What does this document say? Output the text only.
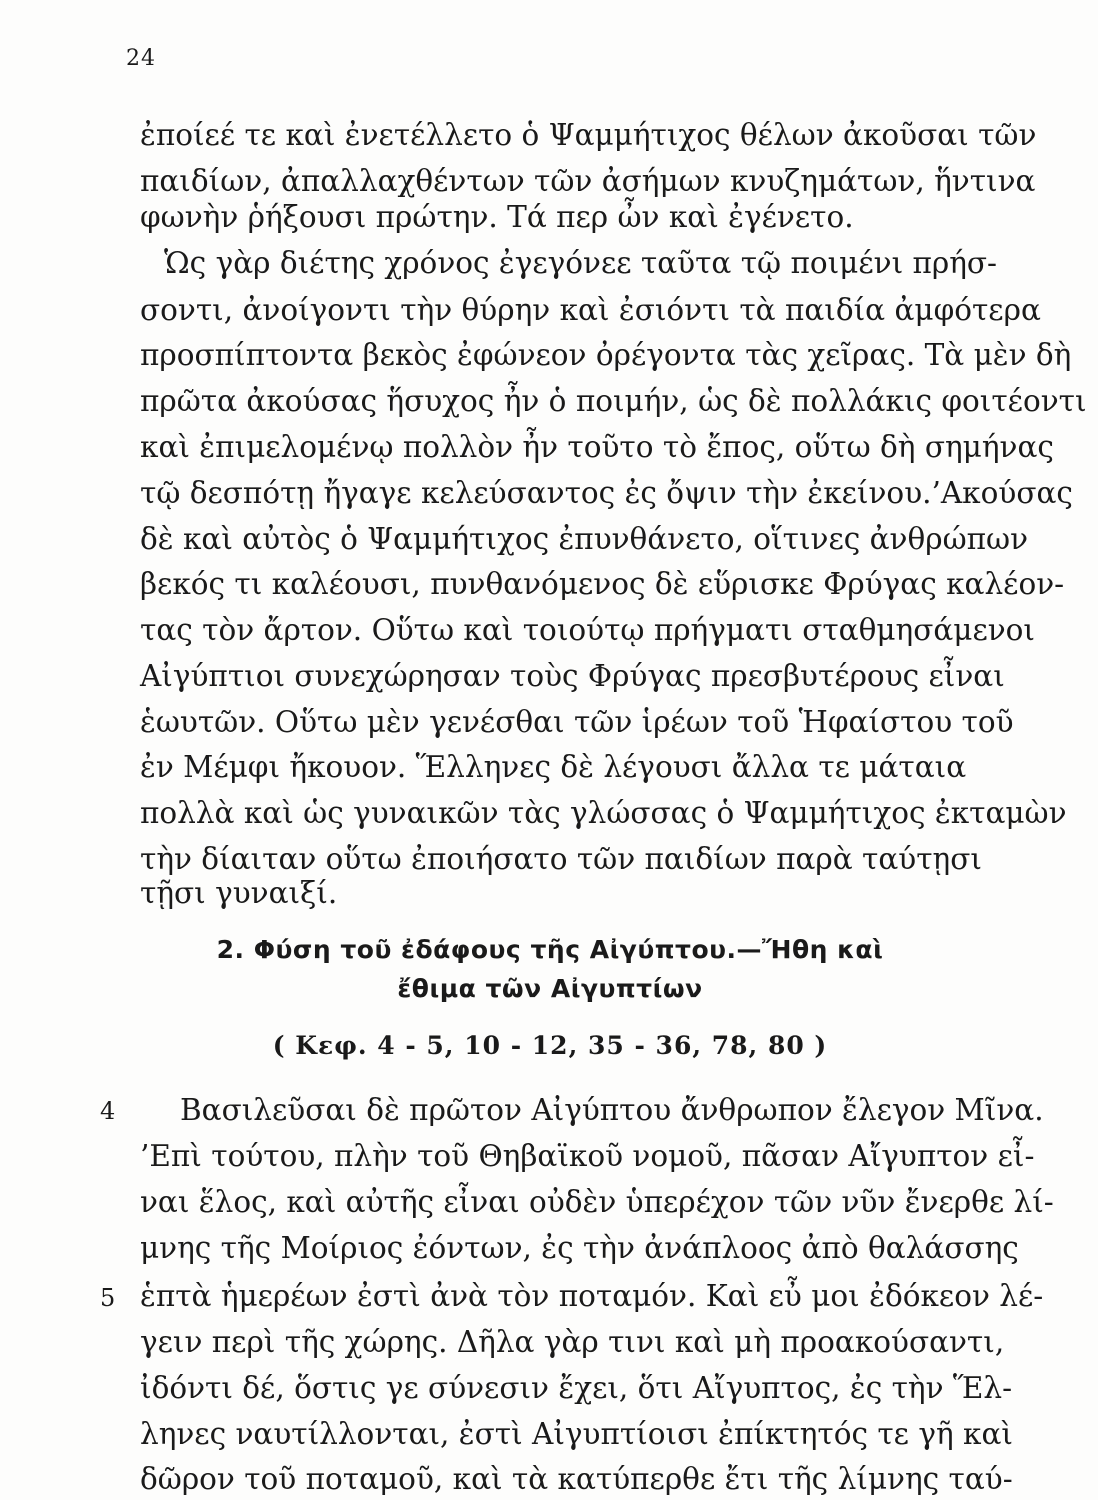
24
ἐποίεέ τε καὶ ἐνετέλλετο ὁ Ψαμμήτιχος θέλων ἀκοῦσαι τῶν
παιδίων, ἀπαλλαχθέντων τῶν ἀσήμων κνυζημάτων, ἥντινα
φωνὴν ῥήξουσι πρώτην. Τά περ ὦν καὶ ἐγένετο.
Ὡς γὰρ διέτης χρόνος ἐγεγόνεε ταῦτα τῷ ποιμένι πρήσ-
σοντι, ἀνοίγοντι τὴν θύρην καὶ ἐσιόντι τὰ παιδία ἀμφότερα
προσπίπτοντα βεκὸς ἐφώνεον ὀρέγοντα τὰς χεῖρας. Τὰ μὲν δὴ
πρῶτα ἀκούσας ἥσυχος ἦν ὁ ποιμήν, ὡς δὲ πολλάκις φοιτέοντι
καὶ ἐπιμελομένῳ πολλὸν ἦν τοῦτο τὸ ἔπος, οὕτω δὴ σημήνας
τῷ δεσπότῃ ἤγαγε κελεύσαντος ἐς ὄψιν τὴν ἐκείνου.’Ακούσας
δὲ καὶ αὐτὸς ὁ Ψαμμήτιχος ἐπυνθάνετο, οἵτινες ἀνθρώπων
βεκός τι καλέουσι, πυνθανόμενος δὲ εὕρισκε Φρύγας καλέον-
τας τὸν ἄρτον. Οὕτω καὶ τοιούτῳ πρήγματι σταθμησάμενοι
Αἰγύπτιοι συνεχώρησαν τοὺς Φρύγας πρεσβυτέρους εἶναι
ἑωυτῶν. Οὕτω μὲν γενέσθαι τῶν ἱρέων τοῦ Ἡφαίστου τοῦ
ἐν Μέμφι ἤκουον. Ἕλληνες δὲ λέγουσι ἄλλα τε μάταια
πολλὰ καὶ ὡς γυναικῶν τὰς γλώσσας ὁ Ψαμμήτιχος ἐκταμὼν
τὴν δίαιταν οὕτω ἐποιήσατο τῶν παιδίων παρὰ ταύτῃσι
τῇσι γυναιξί.
2. Φύση τοῦ ἐδάφους τῆς Αἰγύπτου.—Ἤθη καὶ
ἔθιμα τῶν Αἰγυπτίων
( Κεφ. 4 - 5, 10 - 12, 35 - 36, 78, 80 )
4
5
Βασιλεῦσαι δὲ πρῶτον Αἰγύπτου ἄνθρωπον ἔλεγον Μῖνα.
’Επὶ τούτου, πλὴν τοῦ Θηβαϊκοῦ νομοῦ, πᾶσαν Αἴγυπτον εἶ-
ναι ἕλος, καὶ αὐτῆς εἶναι οὐδὲν ὑπερέχον τῶν νῦν ἔνερθε λί-
μνης τῆς Μοίριος ἐόντων, ἐς τὴν ἀνάπλοος ἀπὸ θαλάσσης
ἑπτὰ ἡμερέων ἐστὶ ἀνὰ τὸν ποταμόν. Καὶ εὖ μοι ἐδόκεον λέ-
γειν περὶ τῆς χώρης. Δῆλα γὰρ τινι καὶ μὴ προακούσαντι,
ἰδόντι δέ, ὅστις γε σύνεσιν ἔχει, ὅτι Αἴγυπτος, ἐς τὴν Ἕλ-
ληνες ναυτίλλονται, ἐστὶ Αἰγυπτίοισι ἐπίκτητός τε γῆ καὶ
δῶρον τοῦ ποταμοῦ, καὶ τὰ κατύπερθε ἔτι τῆς λίμνης ταύ-
